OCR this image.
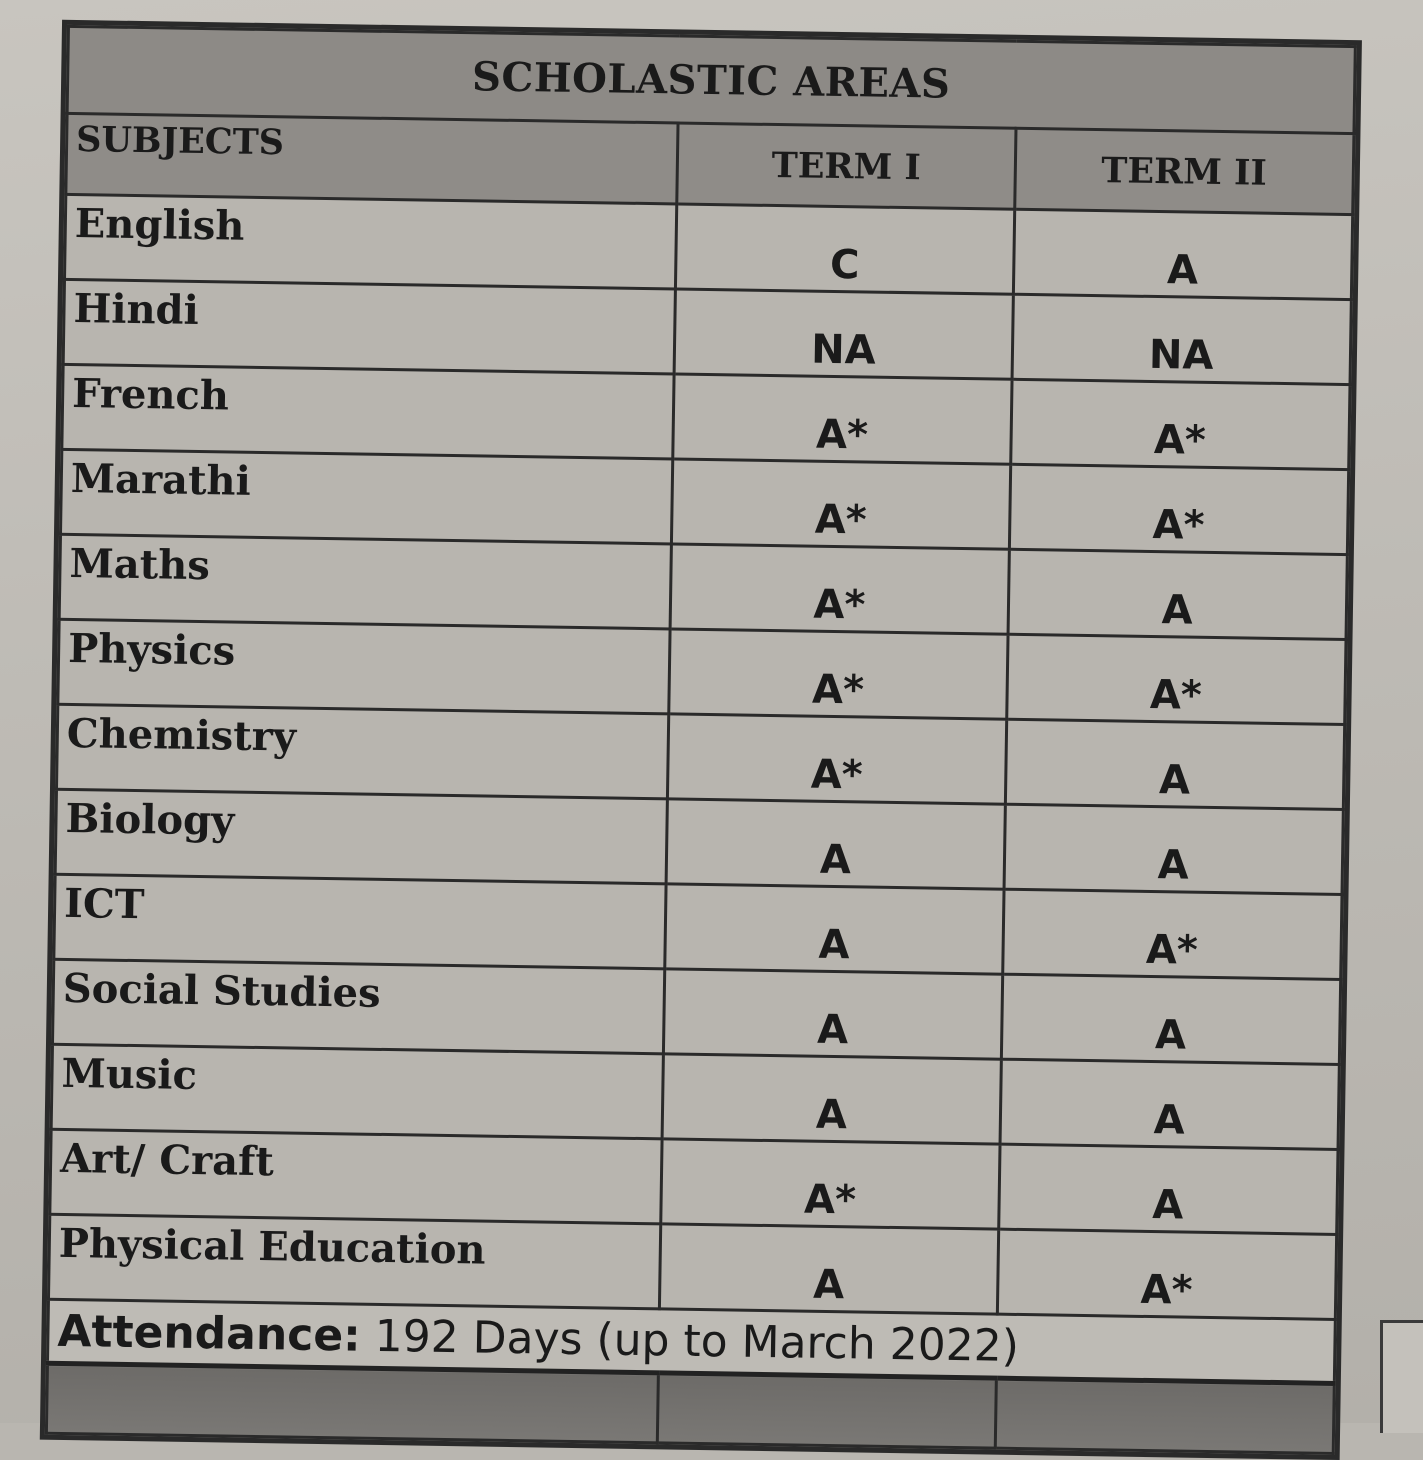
SCHOLASTIC AREAS		
SUBJECTS	TERM I	TERM II
English	C	A
Hindi	NA	NA
French	A*	A*
Marathi	A*	A*
Maths	A*	A
Physics	A*	A*
Chemistry	A*	A
Biology	A	A
ICT	A	A*
Social Studies	A	A
Music	A	A
Art/ Craft	A*	A
Physical Education	A	A*
Attendance: 192 Days (up to March 2022)		
